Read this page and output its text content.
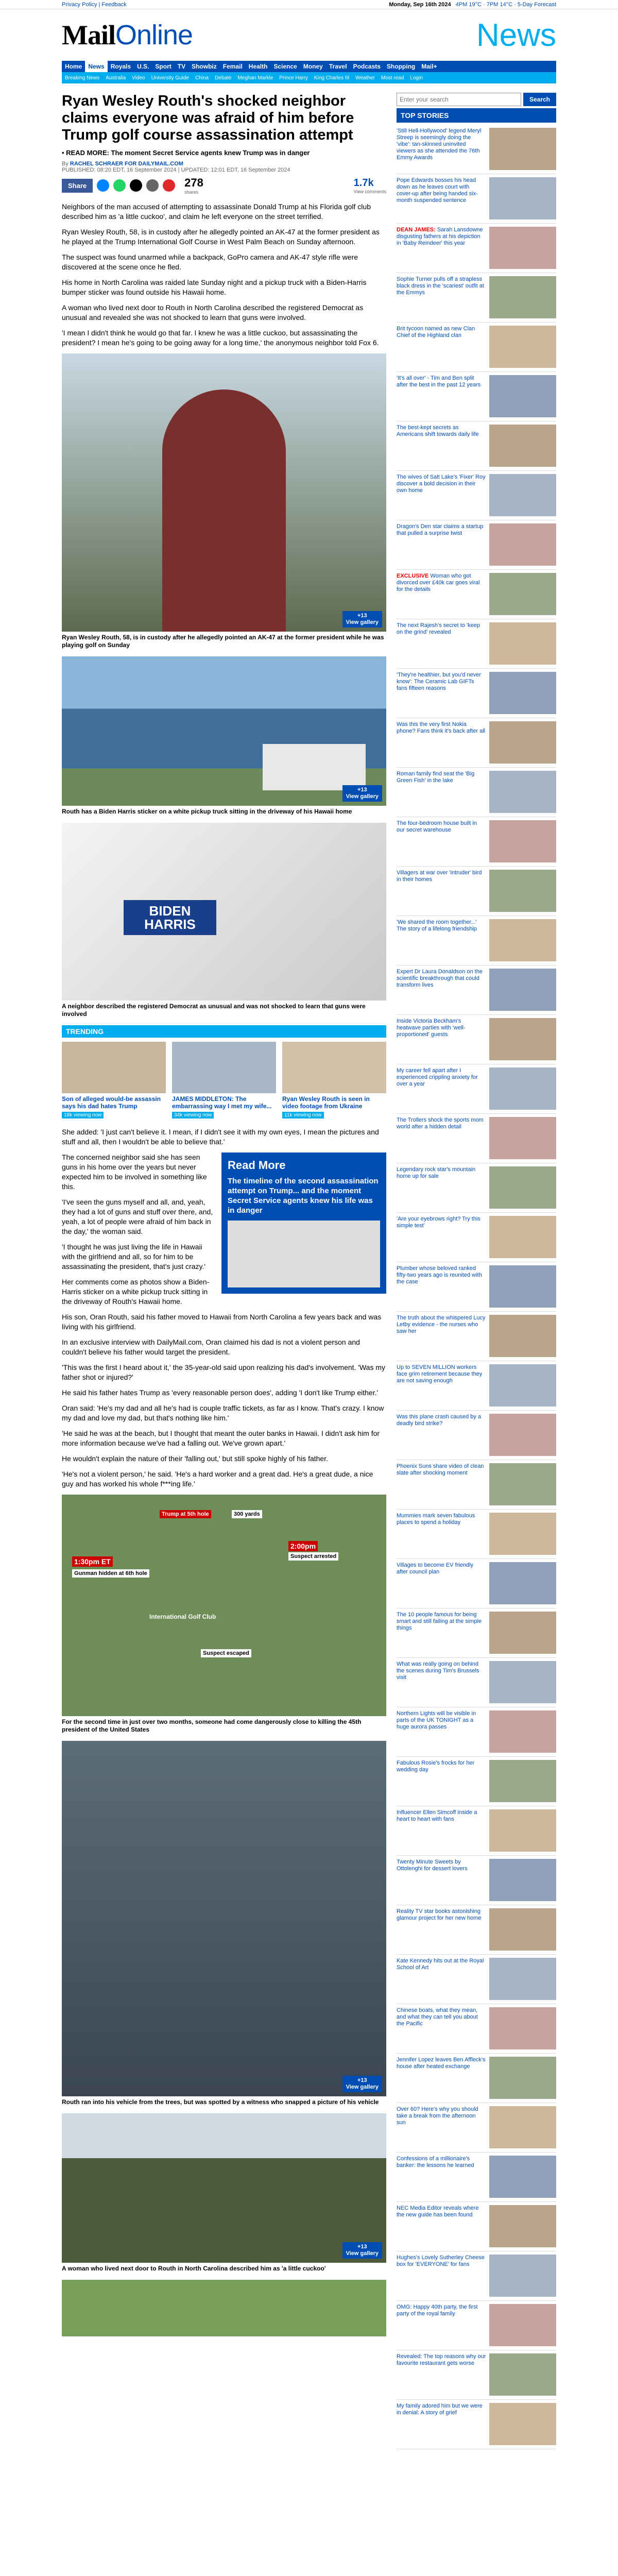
Privacy Policy | Feedback	Monday, Sep 16th 2024 4PM 19°C · 7PM 14°C · 5-Day Forecast
MailOnline	News
Home	News	Royals	U.S.	Sport	TV	Showbiz	Femail	Health	Science	Money	Travel	Podcasts	Shopping	Mail+
Breaking News	Australia	Video	University Guide	China	Debate	Meghan Markle	Prince Harry	King Charles III	Weather	Most read	Login
Ryan Wesley Routh's shocked neighbor claims everyone was afraid of him before Trump golf course assassination attempt
• READ MORE: The moment Secret Service agents knew Trump was in danger
By RACHEL SCHRAER FOR DAILYMAIL.COM
PUBLISHED: 08:20 EDT, 16 September 2024 | UPDATED: 12:01 EDT, 16 September 2024
Share	278
shares
1.7k
View comments

Neighbors of the man accused of attempting to assassinate Donald Trump at his Florida golf club described him as 'a little cuckoo', and claim he left everyone on the street terrified.

Ryan Wesley Routh, 58, is in custody after he allegedly pointed an AK-47 at the former president as he played at the Trump International Golf Course in West Palm Beach on Sunday afternoon.

The suspect was found unarmed while a backpack, GoPro camera and AK-47 style rifle were discovered at the scene once he fled.

His home in North Carolina was raided late Sunday night and a pickup truck with a Biden-Harris bumper sticker was found outside his Hawaii home.

A woman who lived next door to Routh in North Carolina described the registered Democrat as unusual and revealed she was not shocked to learn that guns were involved.

'I mean I didn't think he would go that far. I knew he was a little cuckoo, but assassinating the president? I mean he's going to be going away for a long time,' the anonymous neighbor told Fox 6.

+13
View gallery
Ryan Wesley Routh, 58, is in custody after he allegedly pointed an AK-47 at the former president while he was playing golf on Sunday
+13
View gallery
Routh has a Biden Harris sticker on a white pickup truck sitting in the driveway of his Hawaii home
BIDEN HARRIS
A neighbor described the registered Democrat as unusual and was not shocked to learn that guns were involved
TRENDING
Son of alleged would-be assassin says his dad hates Trump
18k viewing now
JAMES MIDDLETON: The embarrassing way I met my wife...
34k viewing now
Ryan Wesley Routh is seen in video footage from Ukraine
11k viewing now

She added: 'I just can't believe it. I mean, if I didn't see it with my own eyes, I mean the pictures and stuff and all, then I wouldn't be able to believe that.'

Read More
The timeline of the second assassination attempt on Trump... and the moment Secret Service agents knew his life was in danger

The concerned neighbor said she has seen guns in his home over the years but never expected him to be involved in something like this.

'I've seen the guns myself and all, and, yeah, they had a lot of guns and stuff over there, and, yeah, a lot of people were afraid of him back in the day,' the woman said.

'I thought he was just living the life in Hawaii with the girlfriend and all, so for him to be assassinating the president, that's just crazy.'

Her comments come as photos show a Biden-Harris sticker on a white pickup truck sitting in the driveway of Routh's Hawaii home.

His son, Oran Routh, said his father moved to Hawaii from North Carolina a few years back and was living with his girlfriend.

In an exclusive interview with DailyMail.com, Oran claimed his dad is not a violent person and couldn't believe his father would target the president.

'This was the first I heard about it,' the 35-year-old said upon realizing his dad's involvement. 'Was my father shot or injured?'

He said his father hates Trump as 'every reasonable person does', adding 'I don't like Trump either.'

Oran said: 'He's my dad and all he's had is couple traffic tickets, as far as I know. That's crazy. I know my dad and love my dad, but that's nothing like him.'

'He said he was at the beach, but I thought that meant the outer banks in Hawaii. I didn't ask him for more information because we've had a falling out. We've grown apart.'

He wouldn't explain the nature of their 'falling out,' but still spoke highly of his father.

'He's not a violent person,' he said. 'He's a hard worker and a great dad. He's a great dude, a nice guy and has worked his whole f***ing life.'

Trump at 5th hole	300 yards
1:30pm ET
Gunman hidden at 6th hole
2:00pm
Suspect arrested
Suspect escaped
International Golf Club
For the second time in just over two months, someone had come dangerously close to killing the 45th president of the United States
+13
View gallery
Routh ran into his vehicle from the trees, but was spotted by a witness who snapped a picture of his vehicle
+13
View gallery
A woman who lived next door to Routh in North Carolina described him as 'a little cuckoo'
Enter your search
Search
TOP STORIES
'Still Hell-Hollywood' legend Meryl Streep is seemingly doing the 'vibe': tan-skinned uninvited viewers as she attended the 76th Emmy Awards
Pope Edwards bosses his head down as he leaves court with cover-up after being handed six-month suspended sentence
DEAN JAMES: Sarah Lansdowne disgusting fathers at his depiction in 'Baby Reindeer' this year
Sophie Turner pulls off a strapless black dress in the 'scariest' outfit at the Emmys
Brit tycoon named as new Clan Chief of the Highland clan
'It's all over' - Tim and Ben split after the best in the past 12 years
The best-kept secrets as Americans shift towards daily life
The wives of Salt Lake's 'Fixer' Roy discover a bold decision in their own home
Dragon's Den star claims a startup that pulled a surprise twist
EXCLUSIVE Woman who got divorced over £40k car goes viral for the details
The next Rajesh's secret to 'keep on the grind' revealed
'They're healthier, but you'd never know': The Ceramic Lab GIFTs fans fifteen reasons
Was this the very first Nokia phone? Fans think it's back after all
Roman family find seat the 'Big Green Fish' in the lake
The four-bedroom house built in our secret warehouse
Villagers at war over 'intruder' bird in their homes
'We shared the room together...' The story of a lifelong friendship
Expert Dr Laura Donaldson on the scientific breakthrough that could transform lives
Inside Victoria Beckham's heatwave parties with 'well-proportioned' guests
My career fell apart after I experienced crippling anxiety for over a year
The Trollers shock the sports mom world after a hidden detail
Legendary rock star's mountain home up for sale
'Are your eyebrows right? Try this simple test'
Plumber whose beloved ranked fifty-two years ago is reunited with the case
The truth about the whispered Lucy Letby evidence - the nurses who saw her
Up to SEVEN MILLION workers face grim retirement because they are not saving enough
Was this plane crash caused by a deadly bird strike?
Phoenix Suns share video of clean slate after shocking moment
Mummies mark seven fabulous places to spend a holiday
Villages to become EV friendly after council plan
The 10 people famous for being smart and still failing at the simple things
What was really going on behind the scenes during Tim's Brussels visit
Northern Lights will be visible in parts of the UK TONIGHT as a huge aurora passes
Fabulous Rosie's frocks for her wedding day
Influencer Ellen Simcoff inside a heart to heart with fans
Twenty Minute Sweets by Ottolenghi for dessert lovers
Reality TV star books astonishing glamour project for her new home
Kate Kennedy hits out at the Royal School of Art
Chinese boats, what they mean, and what they can tell you about the Pacific
Jennifer Lopez leaves Ben Affleck's house after heated exchange
Over 60? Here's why you should take a break from the afternoon sun
Confessions of a millionaire's banker: the lessons he learned
NEC Media Editor reveals where the new guide has been found
Hughes's Lovely Sutherley Cheese box for 'EVERYONE' for fans
OMG: Happy 40th party, the first party of the royal family
Revealed: The top reasons why our favourite restaurant gets worse
My family adored him but we were in denial: A story of grief
